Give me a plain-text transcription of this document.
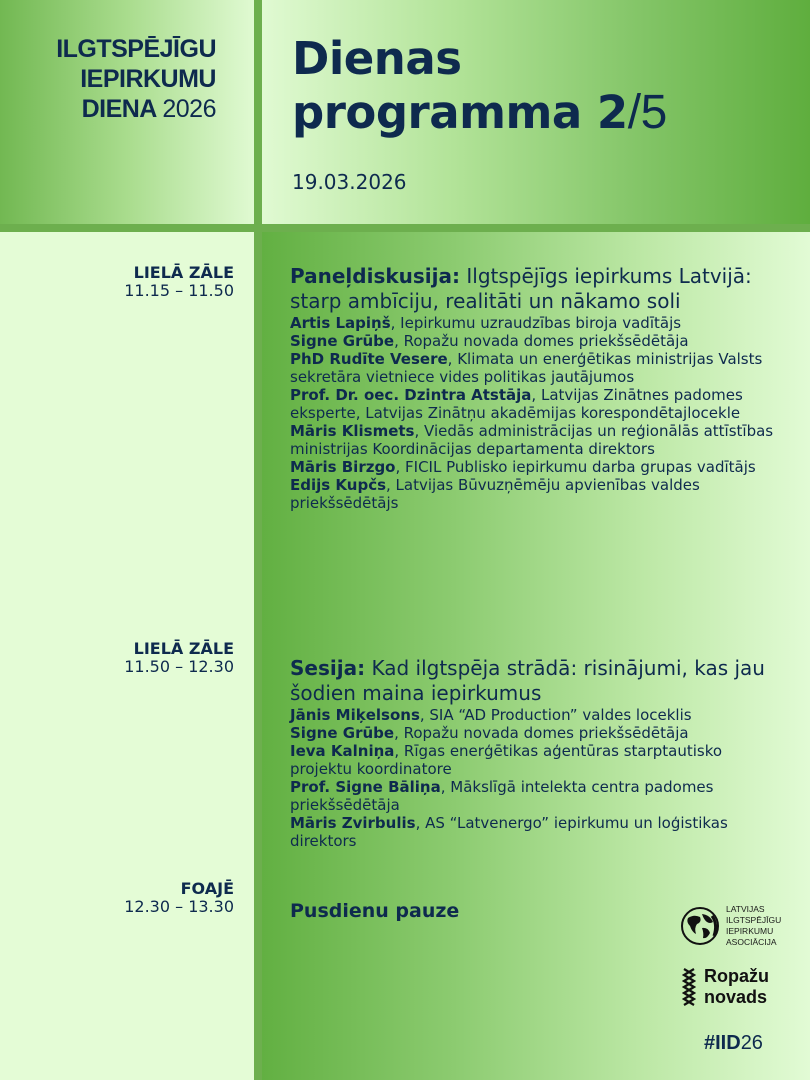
ILGTSPĒJĪGU
IEPIRKUMU
DIENA 2026
Dienas
programma 2/5
19.03.2026
LIELĀ ZĀLE
11.15 – 11.50
LIELĀ ZĀLE
11.50 – 12.30
FOAJĒ
12.30 – 13.30
Paneļdiskusija: Ilgtspējīgs iepirkums Latvijā: starp ambīciju, realitāti un nākamo soli
Artis Lapiņš, Iepirkumu uzraudzības biroja vadītājs
Signe Grūbe, Ropažu novada domes priekšsēdētāja
PhD Rudīte Vesere, Klimata un enerģētikas ministrijas Valsts sekretāra vietniece vides politikas jautājumos
Prof. Dr. oec. Dzintra Atstāja, Latvijas Zinātnes padomes eksperte, Latvijas Zinātņu akadēmijas korespondētajlocekle
Māris Klismets, Viedās administrācijas un reģionālās attīstības ministrijas Koordinācijas departamenta direktors
Māris Birzgo, FICIL Publisko iepirkumu darba grupas vadītājs
Edijs Kupčs, Latvijas Būvuzņēmēju apvienības valdes priekšsēdētājs
Sesija: Kad ilgtspēja strādā: risinājumi, kas jau šodien maina iepirkumus
Jānis Miķelsons, SIA “AD Production” valdes loceklis
Signe Grūbe, Ropažu novada domes priekšsēdētāja
Ieva Kalniņa, Rīgas enerģētikas aģentūras starptautisko projektu koordinatore
Prof. Signe Bāliņa, Mākslīgā intelekta centra padomes priekšsēdētāja
Māris Zvirbulis, AS “Latvenergo” iepirkumu un loģistikas direktors
Pusdienu pauze	LATVIJAS
ILGTSPĒJĪGU
IEPIRKUMU
ASOCIĀCIJA
Ropažu
novads
#IID26
